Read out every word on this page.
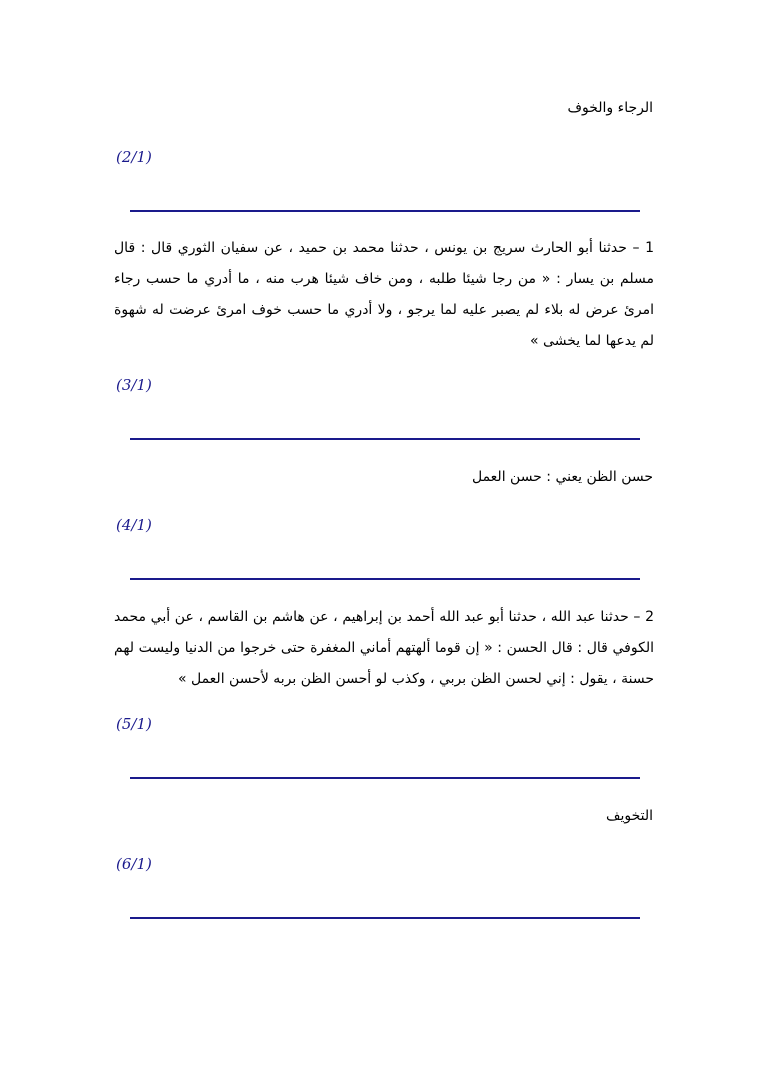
الرجاء والخوف
(2/1)
1 – حدثنا أبو الحارث سريج بن يونس ، حدثنا محمد بن حميد ، عن سفيان الثوري قال : قال مسلم بن يسار : « من رجا شيئا طلبه ، ومن خاف شيئا هرب منه ، ما أدري ما حسب رجاء امرئ عرض له بلاء لم يصبر عليه لما يرجو ، ولا أدري ما حسب خوف امرئ عرضت له شهوة لم يدعها لما يخشى »
(3/1)
حسن الظن يعني : حسن العمل
(4/1)
2 – حدثنا عبد الله ، حدثنا أبو عبد الله أحمد بن إبراهيم ، عن هاشم بن القاسم ، عن أبي محمد الكوفي قال : قال الحسن : « إن قوما ألهتهم أماني المغفرة حتى خرجوا من الدنيا وليست لهم حسنة ، يقول : إني لحسن الظن بربي ، وكذب لو أحسن الظن بربه لأحسن العمل »
(5/1)
التخويف
(6/1)
